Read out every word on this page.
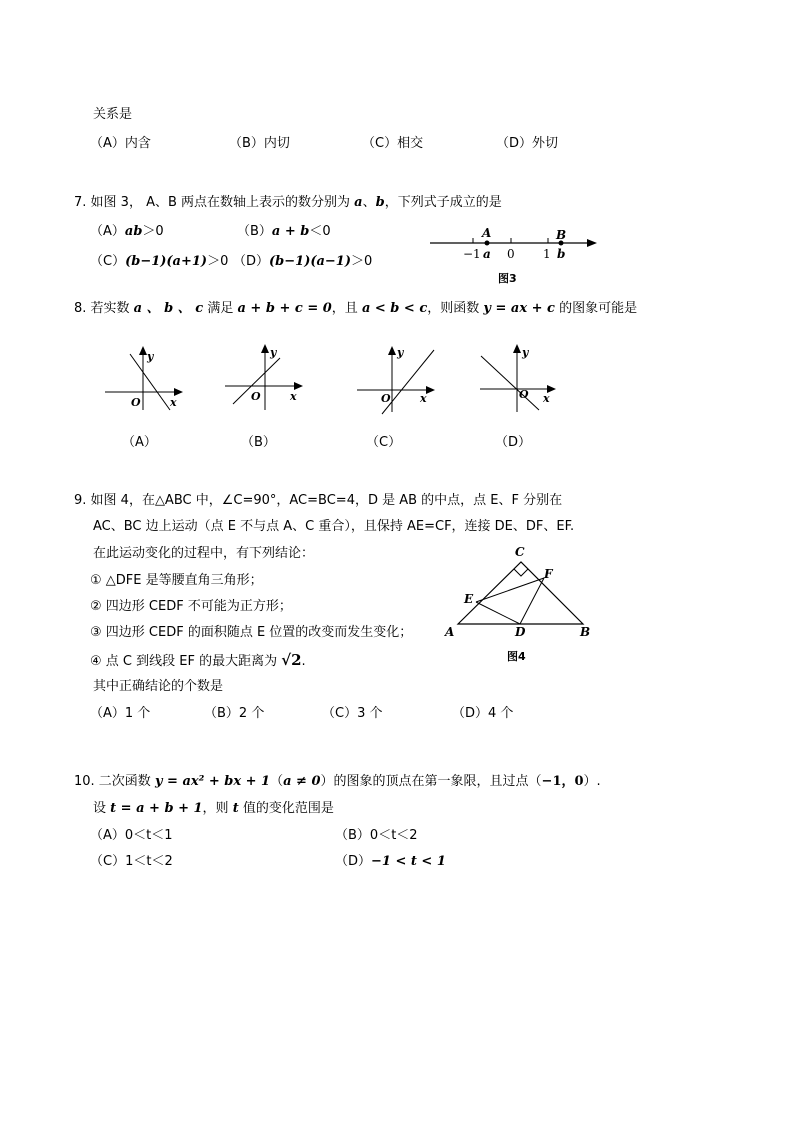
关系是
（A）内含	（B）内切	（C）相交	（D）外切
7. 如图 3， A、B 两点在数轴上表示的数分别为 a、b，下列式子成立的是
（A）ab＞0	（B）a + b＜0
（C）(b−1)(a+1)＞0 （D）(b−1)(a−1)＞0
A	B
−1 a 0 1 b
图3
8. 若实数 a 、 b 、 c 满足 a + b + c = 0，且 a < b < c，则函数 y = ax + c 的图象可能是
y
x
O
（A）
y
x
O
（B）
y
x
O
（C）
y
x
O
（D）
9. 如图 4，在△ABC 中，∠C=90°，AC=BC=4，D 是 AB 的中点，点 E、F 分别在
AC、BC 边上运动（点 E 不与点 A、C 重合），且保持 AE=CF，连接 DE、DF、EF.
在此运动变化的过程中，有下列结论：
① △DFE 是等腰直角三角形；
② 四边形 CEDF 不可能为正方形；
③ 四边形 CEDF 的面积随点 E 位置的改变而发生变化；
④ 点 C 到线段 EF 的最大距离为 √2.
其中正确结论的个数是
（A）1 个	（B）2 个	（C）3 个	（D）4 个
C
F
E
A	D	B
图4
10. 二次函数 y = ax² + bx + 1（a ≠ 0）的图象的顶点在第一象限，且过点（−1，0）.
设 t = a + b + 1，则 t 值的变化范围是
（A）0＜t＜1	（B）0＜t＜2
（C）1＜t＜2	（D）−1 < t < 1
